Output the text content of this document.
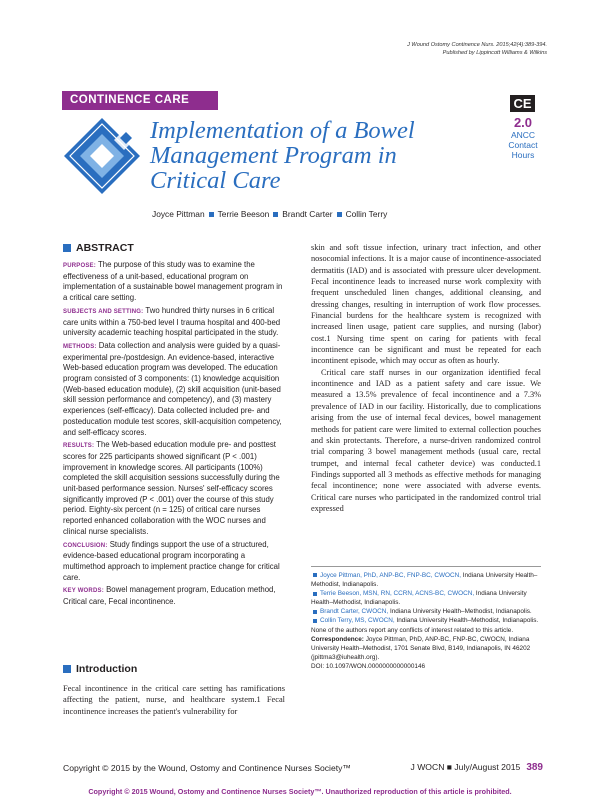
J Wound Ostomy Continence Nurs. 2015;42(4):389-394.
Published by Lippincott Williams & Wilkins
CONTINENCE CARE
Implementation of a Bowel Management Program in Critical Care
CE
2.0
ANCC
Contact
Hours
Joyce Pittman Terrie Beeson Brandt Carter Collin Terry
ABSTRACT

PURPOSE: The purpose of this study was to examine the effectiveness of a unit-based, educational program on implementation of a sustainable bowel management program in a critical care setting.

SUBJECTS AND SETTING: Two hundred thirty nurses in 6 critical care units within a 750-bed level I trauma hospital and 400-bed university academic teaching hospital participated in the study.

METHODS: Data collection and analysis were guided by a quasi-experimental pre-/postdesign. An evidence-based, interactive Web-based education program was developed. The education program consisted of 3 components: (1) knowledge acquisition (Web-based education module), (2) skill acquisition (unit-based skill session performance and competency), and (3) mastery experiences (self-efficacy). Data collected included pre- and posteducation module test scores, skill-acquisition competency, and self-efficacy scores.

RESULTS: The Web-based education module pre- and posttest scores for 225 participants showed significant (P < .001) improvement in knowledge scores. All participants (100%) completed the skill acquisition sessions successfully during the unit-based performance session. Nurses' self-efficacy scores significantly improved (P < .001) over the course of this study period. Eighty-six percent (n = 125) of critical care nurses reported enhanced collaboration with the WOC nurses and clinical nurse specialists.

CONCLUSION: Study findings support the use of a structured, evidence-based educational program incorporating a multimethod approach to implement practice change for critical care.

KEY WORDS: Bowel management program, Education method, Critical care, Fecal incontinence.

Introduction
Fecal incontinence in the critical care setting has ramifications affecting the patient, nurse, and healthcare system.1 Fecal incontinence increases the patient's vulnerability for

skin and soft tissue infection, urinary tract infection, and other nosocomial infections. It is a major cause of incontinence-associated dermatitis (IAD) and is associated with pressure ulcer development. Fecal incontinence leads to increased nurse work complexity with frequent unscheduled linen changes, additional cleansing, and dressing changes, resulting in interruption of work flow processes. Financial burdens for the healthcare system is recognized with increased linen usage, patient care supplies, and nursing (labor) cost.1 Nursing time spent on caring for patients with fecal incontinence can be significant and must be repeated for each incontinent episode, which may occur as often as hourly.

Critical care staff nurses in our organization identified fecal incontinence and IAD as a patient safety and care issue. We measured a 13.5% prevalence of fecal incontinence and a 7.3% prevalence of IAD in our facility. Historically, due to complications arising from the use of internal fecal devices, bowel management methods for patient care were limited to external collection pouches and skin protectants. Therefore, a nurse-driven randomized control trial comparing 3 bowel management methods (usual care, rectal trumpet, and internal fecal catheter device) was conducted.1 Findings supported all 3 methods as effective methods for managing fecal incontinence; none were associated with adverse events. Critical care nurses who participated in the randomized control trial expressed

Joyce Pittman, PhD, ANP-BC, FNP-BC, CWOCN, Indiana University Health–Methodist, Indianapolis.

Terrie Beeson, MSN, RN, CCRN, ACNS-BC, CWOCN, Indiana University Health–Methodist, Indianapolis.

Brandt Carter, CWOCN, Indiana University Health–Methodist, Indianapolis.

Collin Terry, MS, CWOCN, Indiana University Health–Methodist, Indianapolis.

None of the authors report any conflicts of interest related to this article.

Correspondence: Joyce Pittman, PhD, ANP-BC, FNP-BC, CWOCN, Indiana University Health–Methodist, 1701 Senate Blvd, B149, Indianapolis, IN 46202 (jpittma3@iuhealth.org).

DOI: 10.1097/WON.0000000000000146

Copyright © 2015 by the Wound, Ostomy and Continence Nurses Society™	J WOCN ■ July/August 2015 389
Copyright © 2015 Wound, Ostomy and Continence Nurses Society™. Unauthorized reproduction of this article is prohibited.
